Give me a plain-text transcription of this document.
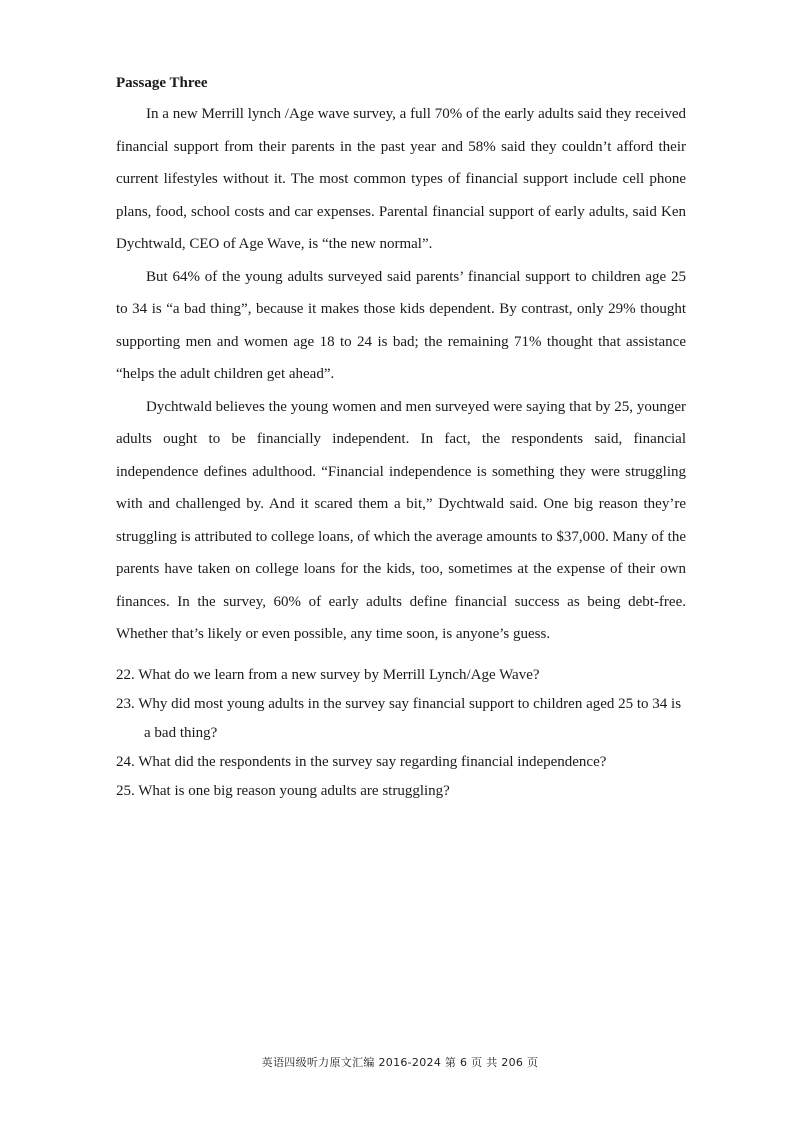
Passage Three

In a new Merrill lynch /Age wave survey, a full 70% of the early adults said they received financial support from their parents in the past year and 58% said they couldn’t afford their current lifestyles without it. The most common types of financial support include cell phone plans, food, school costs and car expenses. Parental financial support of early adults, said Ken Dychtwald, CEO of Age Wave, is “the new normal”.

But 64% of the young adults surveyed said parents’ financial support to children age 25 to 34 is “a bad thing”, because it makes those kids dependent. By contrast, only 29% thought supporting men and women age 18 to 24 is bad; the remaining 71% thought that assistance “helps the adult children get ahead”.

Dychtwald believes the young women and men surveyed were saying that by 25, younger adults ought to be financially independent. In fact, the respondents said, financial independence defines adulthood. “Financial independence is something they were struggling with and challenged by. And it scared them a bit,” Dychtwald said. One big reason they’re struggling is attributed to college loans, of which the average amounts to $37,000. Many of the parents have taken on college loans for the kids, too, sometimes at the expense of their own finances. In the survey, 60% of early adults define financial success as being debt-free. Whether that’s likely or even possible, any time soon, is anyone’s guess.

22. What do we learn from a new survey by Merrill Lynch/Age Wave?

23. Why did most young adults in the survey say financial support to children aged 25 to 34 is a bad thing?

24. What did the respondents in the survey say regarding financial independence?

25. What is one big reason young adults are struggling?

英语四级听力原文汇编 2016-2024 第 6 页 共 206 页
